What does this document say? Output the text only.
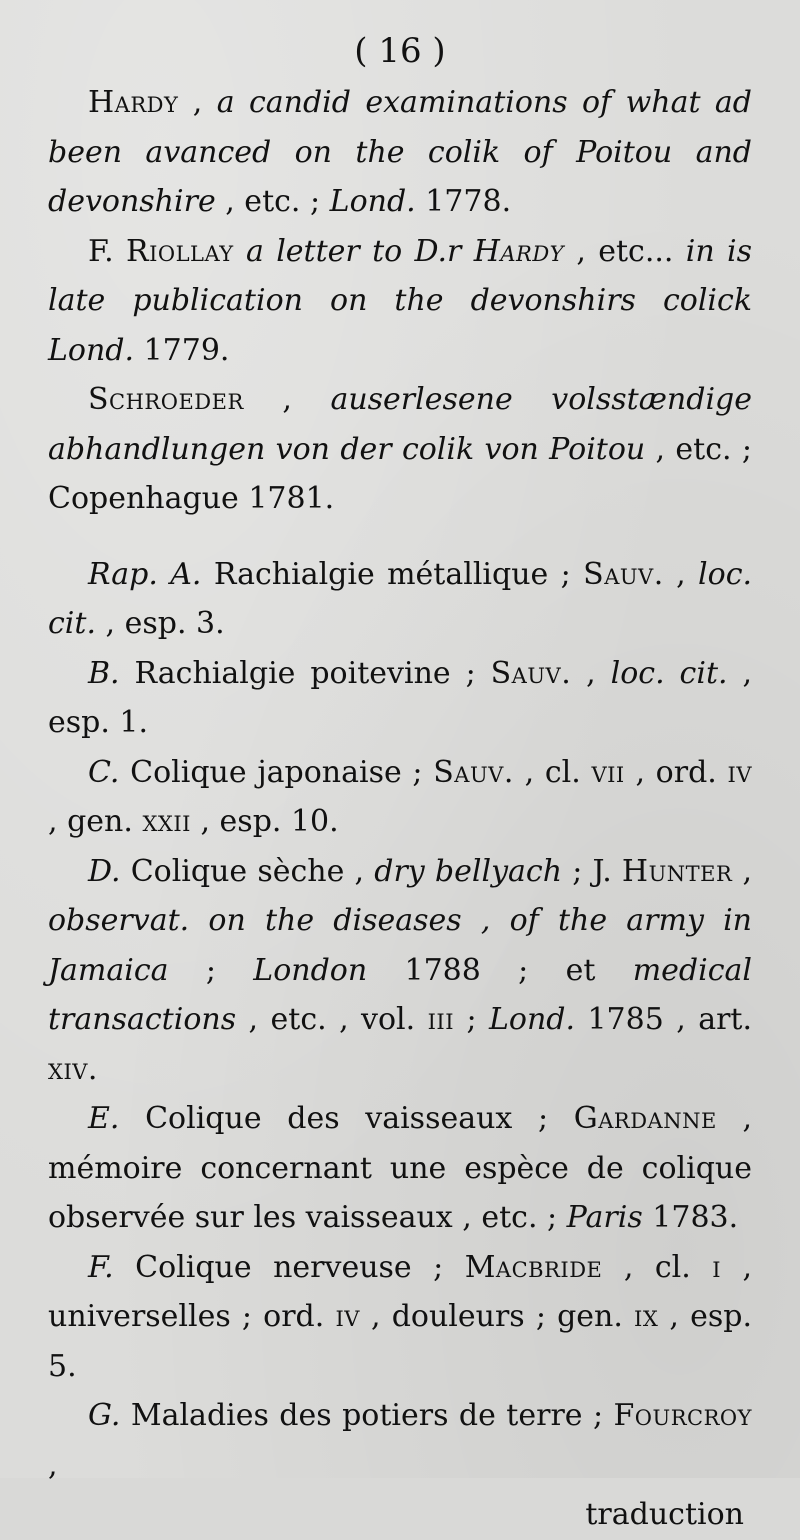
( 16 )

Hardy , a candid examinations of what ad been avanced on the colik of Poitou and devonshire , etc. ; Lond. 1778.

F. Riollay a letter to D.r Hardy , etc... in is late publication on the devonshirs colick Lond. 1779.

Schroeder , auserlesene volsstændige abhandlungen von der colik von Poitou , etc. ; Copenhague 1781.

Rap. A. Rachialgie métallique ; Sauv. , loc. cit. , esp. 3.

B. Rachialgie poitevine ; Sauv. , loc. cit. , esp. 1.

C. Colique japonaise ; Sauv. , cl. vii , ord. iv , gen. xxii , esp. 10.

D. Colique sèche , dry bellyach ; J. Hunter , observat. on the diseases , of the army in Jamaica ; London 1788 ; et medical transactions , etc. , vol. iii ; Lond. 1785 , art. xiv.

E. Colique des vaisseaux ; Gardanne , mémoire concernant une espèce de colique observée sur les vaisseaux , etc. ; Paris 1783.

F. Colique nerveuse ; Macbride , cl. i , universelles ; ord. iv , douleurs ; gen. ix , esp. 5.

G. Maladies des potiers de terre ; Fourcroy ,

traduction
